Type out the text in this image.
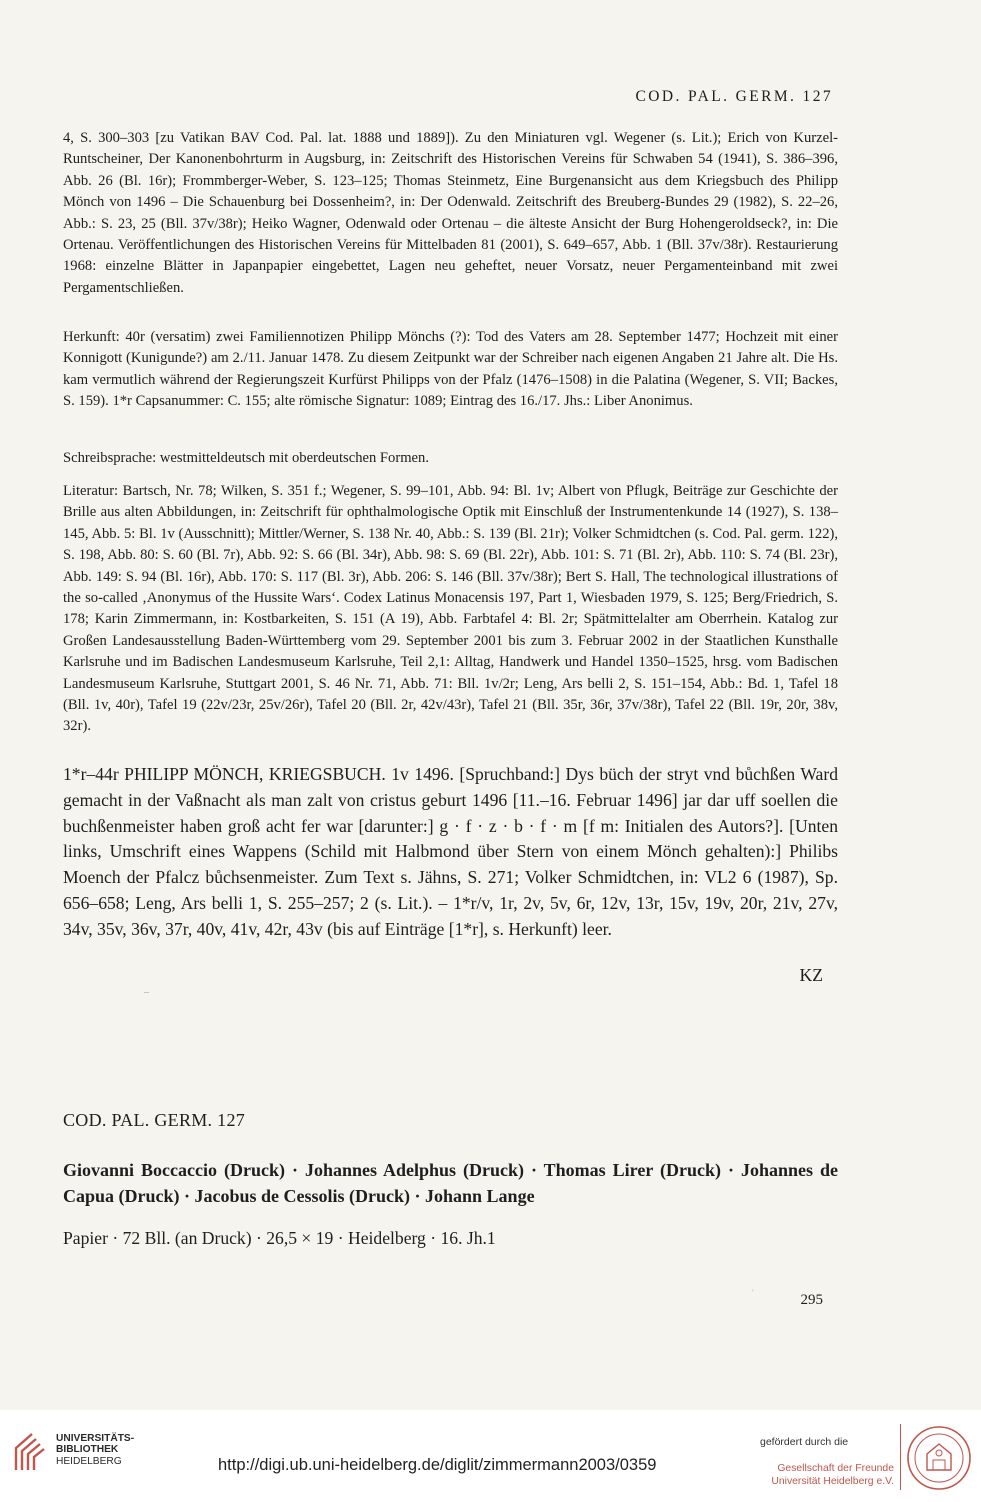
COD. PAL. GERM. 127

4, S. 300–303 [zu Vatikan BAV Cod. Pal. lat. 1888 und 1889]). Zu den Miniaturen vgl. Wegener (s. Lit.); Erich von Kurzel-Runtscheiner, Der Kanonenbohrturm in Augsburg, in: Zeitschrift des Historischen Vereins für Schwaben 54 (1941), S. 386–396, Abb. 26 (Bl. 16r); Frommberger-Weber, S. 123–125; Thomas Steinmetz, Eine Burgenansicht aus dem Kriegsbuch des Philipp Mönch von 1496 – Die Schauenburg bei Dossenheim?, in: Der Odenwald. Zeitschrift des Breuberg-Bundes 29 (1982), S. 22–26, Abb.: S. 23, 25 (Bll. 37v/38r); Heiko Wagner, Odenwald oder Ortenau – die älteste Ansicht der Burg Hohengeroldseck?, in: Die Ortenau. Veröffentlichungen des Historischen Vereins für Mittelbaden 81 (2001), S. 649–657, Abb. 1 (Bll. 37v/38r). Restaurierung 1968: einzelne Blätter in Japanpapier eingebettet, Lagen neu geheftet, neuer Vorsatz, neuer Pergamenteinband mit zwei Pergamentschließen.

Herkunft: 40r (versatim) zwei Familiennotizen Philipp Mönchs (?): Tod des Vaters am 28. September 1477; Hochzeit mit einer Konnigott (Kunigunde?) am 2./11. Januar 1478. Zu diesem Zeitpunkt war der Schreiber nach eigenen Angaben 21 Jahre alt. Die Hs. kam vermutlich während der Regierungszeit Kurfürst Philipps von der Pfalz (1476–1508) in die Palatina (Wegener, S. VII; Backes, S. 159). 1*r Capsanummer: C. 155; alte römische Signatur: 1089; Eintrag des 16./17. Jhs.: Liber Anonimus.

Schreibsprache: westmitteldeutsch mit oberdeutschen Formen.

Literatur: Bartsch, Nr. 78; Wilken, S. 351 f.; Wegener, S. 99–101, Abb. 94: Bl. 1v; Albert von Pflugk, Beiträge zur Geschichte der Brille aus alten Abbildungen, in: Zeitschrift für ophthalmologische Optik mit Einschluß der Instrumentenkunde 14 (1927), S. 138–145, Abb. 5: Bl. 1v (Ausschnitt); Mittler/Werner, S. 138 Nr. 40, Abb.: S. 139 (Bl. 21r); Volker Schmidtchen (s. Cod. Pal. germ. 122), S. 198, Abb. 80: S. 60 (Bl. 7r), Abb. 92: S. 66 (Bl. 34r), Abb. 98: S. 69 (Bl. 22r), Abb. 101: S. 71 (Bl. 2r), Abb. 110: S. 74 (Bl. 23r), Abb. 149: S. 94 (Bl. 16r), Abb. 170: S. 117 (Bl. 3r), Abb. 206: S. 146 (Bll. 37v/38r); Bert S. Hall, The technological illustrations of the so-called ‚Anonymus of the Hussite Wars‘. Codex Latinus Monacensis 197, Part 1, Wiesbaden 1979, S. 125; Berg/Friedrich, S. 178; Karin Zimmermann, in: Kostbarkeiten, S. 151 (A 19), Abb. Farbtafel 4: Bl. 2r; Spätmittelalter am Oberrhein. Katalog zur Großen Landesausstellung Baden-Württemberg vom 29. September 2001 bis zum 3. Februar 2002 in der Staatlichen Kunsthalle Karlsruhe und im Badischen Landesmuseum Karlsruhe, Teil 2,1: Alltag, Handwerk und Handel 1350–1525, hrsg. vom Badischen Landesmuseum Karlsruhe, Stuttgart 2001, S. 46 Nr. 71, Abb. 71: Bll. 1v/2r; Leng, Ars belli 2, S. 151–154, Abb.: Bd. 1, Tafel 18 (Bll. 1v, 40r), Tafel 19 (22v/23r, 25v/26r), Tafel 20 (Bll. 2r, 42v/43r), Tafel 21 (Bll. 35r, 36r, 37v/38r), Tafel 22 (Bll. 19r, 20r, 38v, 32r).

1*r–44r PHILIPP MÖNCH, KRIEGSBUCH. 1v 1496. [Spruchband:] Dys büch der stryt vnd bůchßen Ward gemacht in der Vaßnacht als man zalt von cristus geburt 1496 [11.–16. Februar 1496] jar dar uff soellen die buchßenmeister haben groß acht fer war [darunter:] g · f · z · b · f · m [f m: Initialen des Autors?]. [Unten links, Umschrift eines Wappens (Schild mit Halbmond über Stern von einem Mönch gehalten):] Philibs Moench der Pfalcz bůchsenmeister. Zum Text s. Jähns, S. 271; Volker Schmidtchen, in: VL2 6 (1987), Sp. 656–658; Leng, Ars belli 1, S. 255–257; 2 (s. Lit.). – 1*r/v, 1r, 2v, 5v, 6r, 12v, 13r, 15v, 19v, 20r, 21v, 27v, 34v, 35v, 36v, 37r, 40v, 41v, 42r, 43v (bis auf Einträge [1*r], s. Herkunft) leer.

KZ
–
COD. PAL. GERM. 127
Giovanni Boccaccio (Druck) · Johannes Adelphus (Druck) · Thomas Lirer (Druck) · Johannes de Capua (Druck) · Jacobus de Cessolis (Druck) · Johann Lange
Papier · 72 Bll. (an Druck) · 26,5 × 19 · Heidelberg · 16. Jh.1
'	295
UNIVERSITÄTS-
BIBLIOTHEK
HEIDELBERG	http://digi.ub.uni-heidelberg.de/diglit/zimmermann2003/0359
gefördert durch die
Gesellschaft der Freunde
Universität Heidelberg e.V.
